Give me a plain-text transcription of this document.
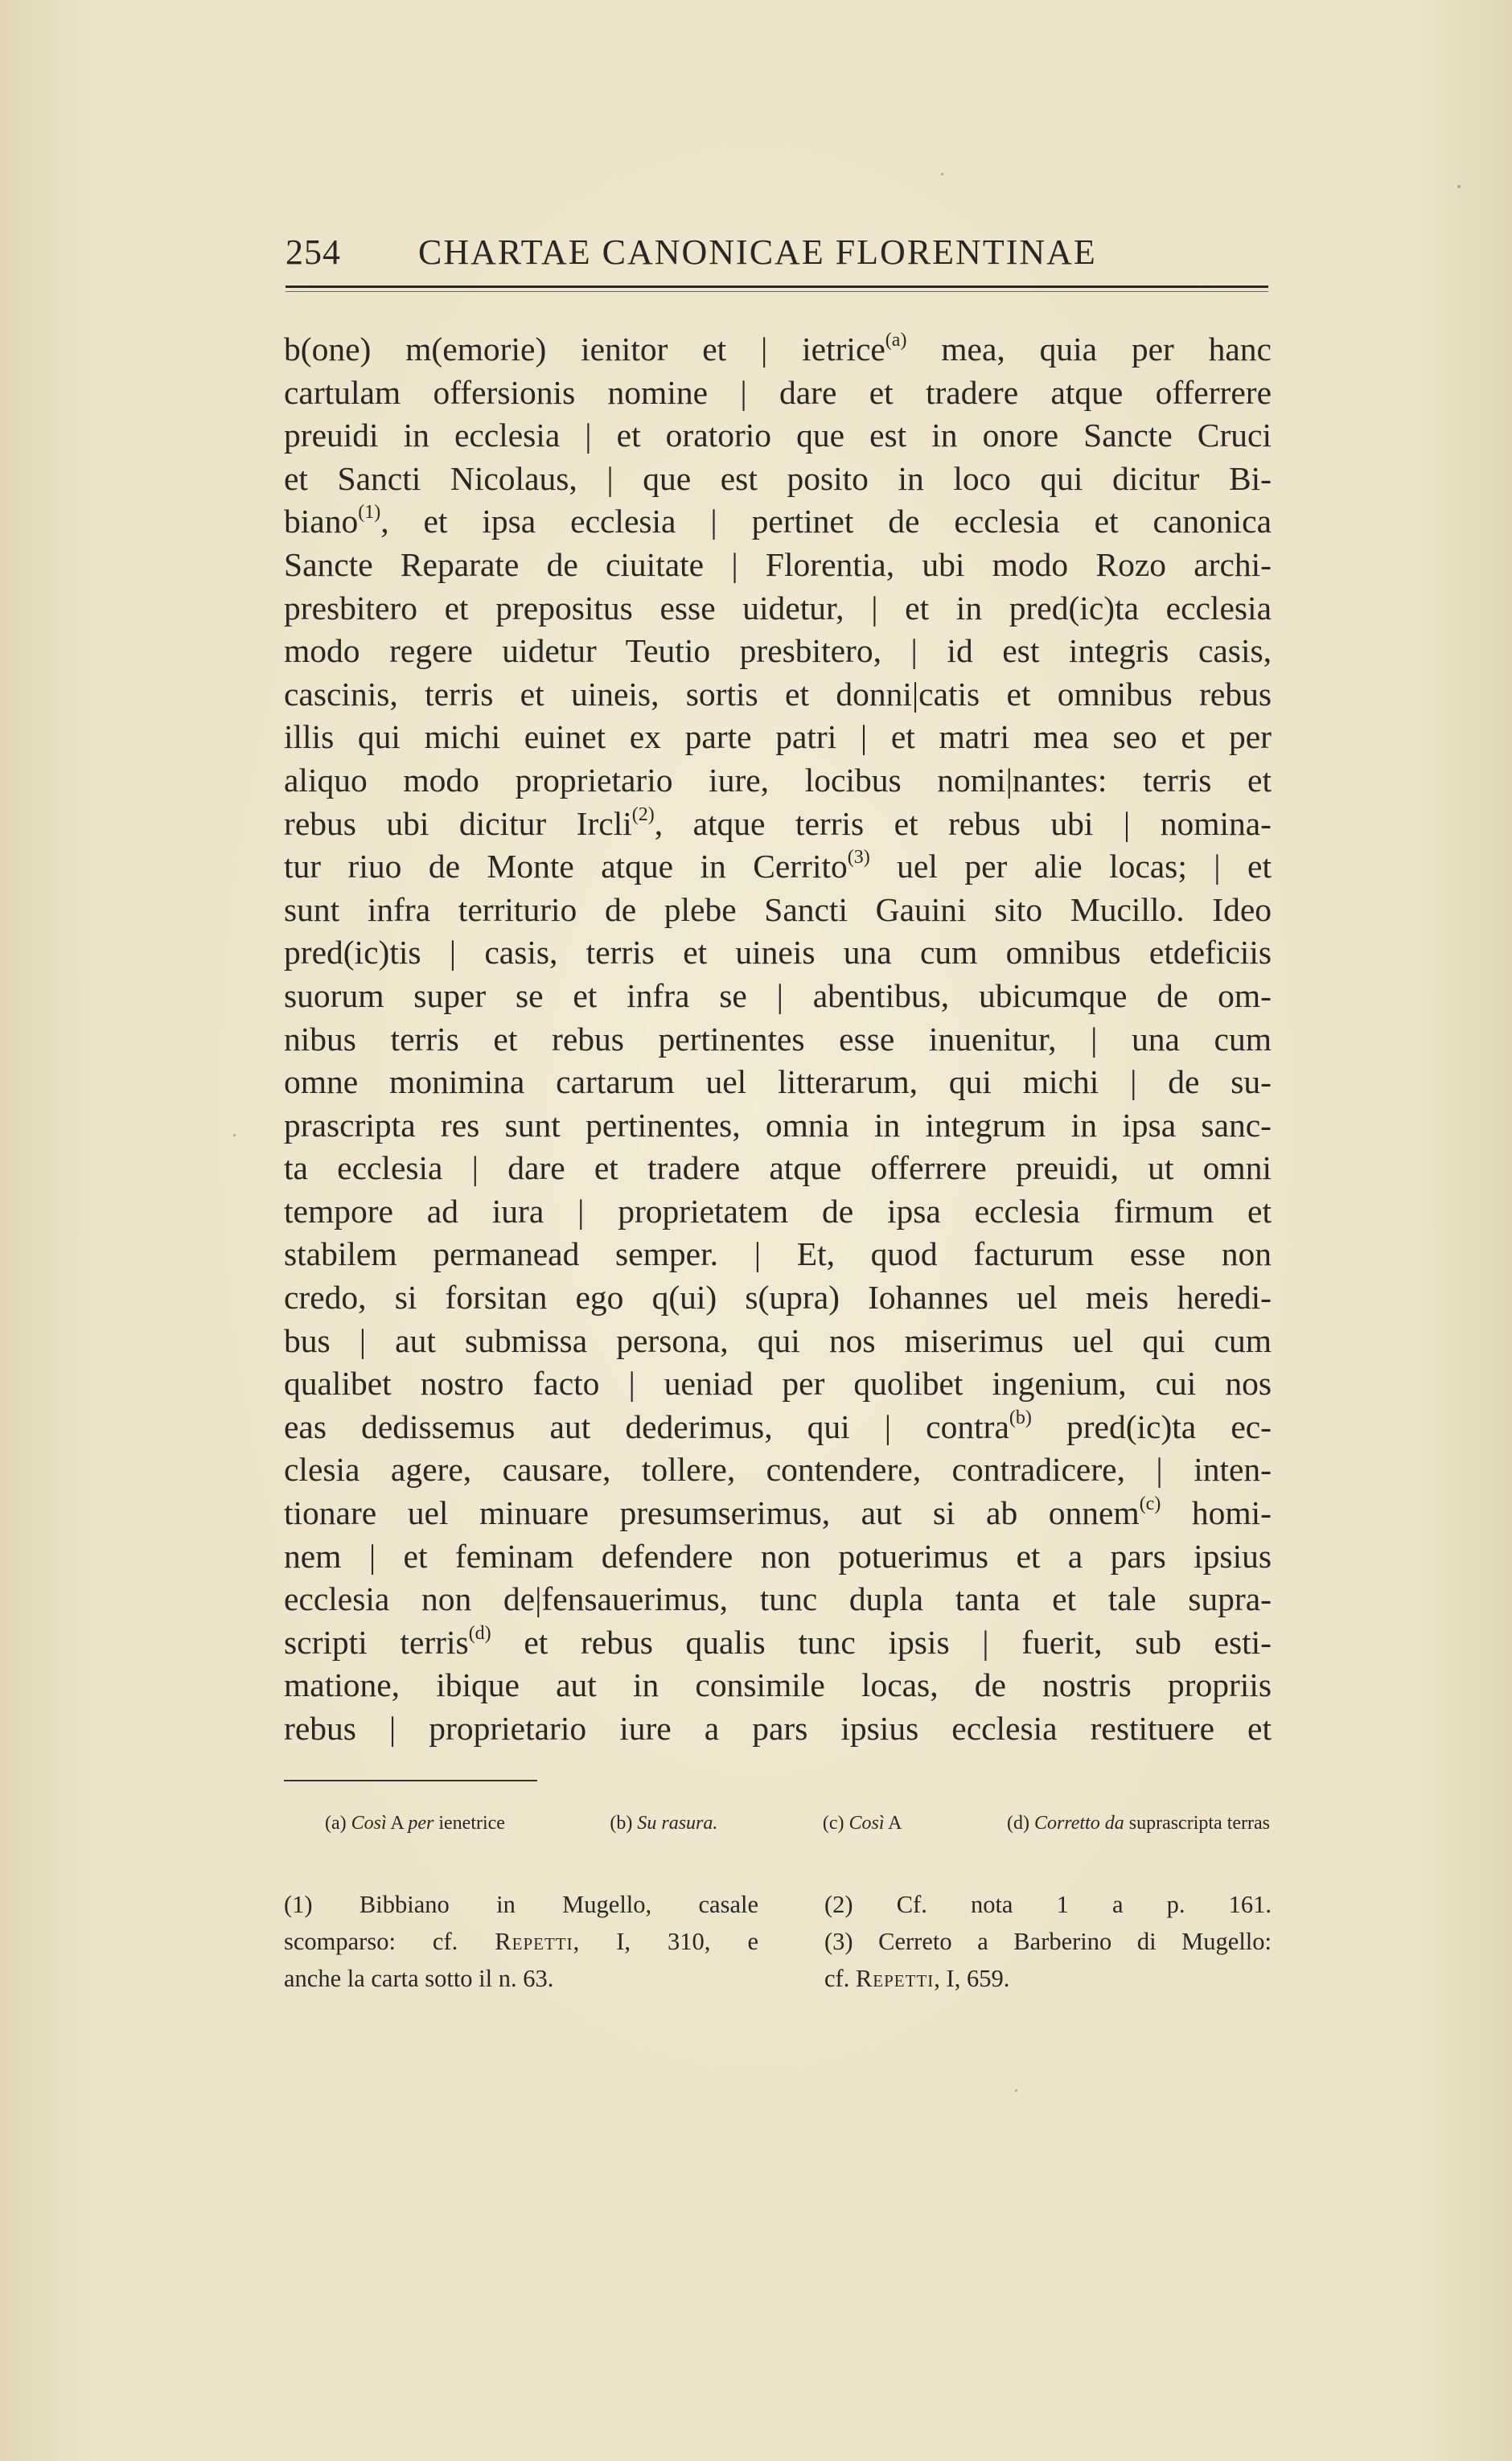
254 CHARTAE CANONICAE FLORENTINAE
b(one) m(emorie) ienitor et | ietrice$^{(a)}$ mea, quia per hanc
cartulam offersionis nomine | dare et tradere atque offerrere
preuidi in ecclesia | et oratorio que est in onore Sancte Cruci
et Sancti Nicolaus, | que est posito in loco qui dicitur Bi-
biano$^{(1)}$, et ipsa ecclesia | pertinet de ecclesia et canonica
Sancte Reparate de ciuitate | Florentia, ubi modo Rozo archi-
presbitero et prepositus esse uidetur, | et in pred(ic)ta ecclesia
modo regere uidetur Teutio presbitero, | id est integris casis,
cascinis, terris et uineis, sortis et donni|catis et omnibus rebus
illis qui michi euinet ex parte patri | et matri mea seo et per
aliquo modo proprietario iure, locibus nomi|nantes: terris et
rebus ubi dicitur Ircli$^{(2)}$, atque terris et rebus ubi | nomina-
tur riuo de Monte atque in Cerrito$^{(3)}$ uel per alie locas; | et
sunt infra territurio de plebe Sancti Gauini sito Mucillo. Ideo
pred(ic)tis | casis, terris et uineis una cum omnibus etdeficiis
suorum super se et infra se | abentibus, ubicumque de om-
nibus terris et rebus pertinentes esse inuenitur, | una cum
omne monimina cartarum uel litterarum, qui michi | de su-
prascripta res sunt pertinentes, omnia in integrum in ipsa sanc-
ta ecclesia | dare et tradere atque offerrere preuidi, ut omni
tempore ad iura | proprietatem de ipsa ecclesia firmum et
stabilem permanead semper. | Et, quod facturum esse non
credo, si forsitan ego q(ui) s(upra) Iohannes uel meis heredi-
bus | aut submissa persona, qui nos miserimus uel qui cum
qualibet nostro facto | ueniad per quolibet ingenium, cui nos
eas dedissemus aut dederimus, qui | contra$^{(b)}$ pred(ic)ta ec-
clesia agere, causare, tollere, contendere, contradicere, | inten-
tionare uel minuare presumserimus, aut si ab onnem$^{(c)}$ homi-
nem | et feminam defendere non potuerimus et a pars ipsius
ecclesia non de|fensauerimus, tunc dupla tanta et tale supra-
scripti terris$^{(d)}$ et rebus qualis tunc ipsis | fuerit, sub esti-
matione, ibique aut in consimile locas, de nostris propriis
rebus | proprietario iure a pars ipsius ecclesia restituere et
(a) Così A per ienetrice	(b) Su rasura.	(c) Così A	(d) Corretto da suprascripta terras
(1) Bibbiano in Mugello, casale
scomparso: cf. Repetti, I, 310, e
anche la carta sotto il n. 63.
(2) Cf. nota 1 a p. 161.
(3) Cerreto a Barberino di Mugello:
cf. Repetti, I, 659.
